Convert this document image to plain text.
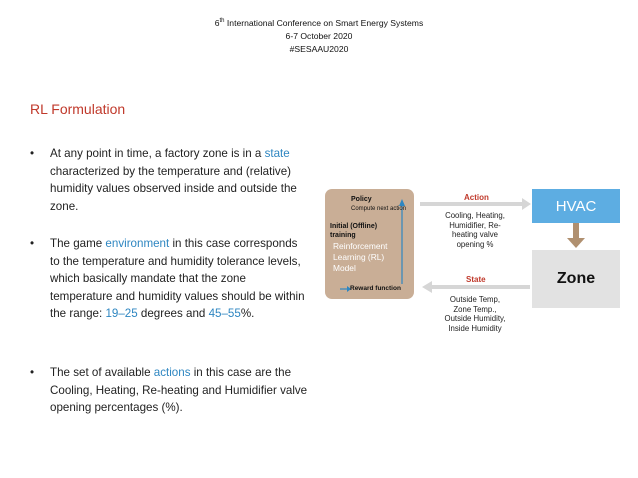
6th International Conference on Smart Energy Systems
6-7 October 2020
#SESAAU2020
RL Formulation
• At any point in time, a factory zone is in a state characterized by the temperature and (relative) humidity values observed inside and outside the zone.
• The game environment in this case corresponds to the temperature and humidity tolerance levels, which basically mandate that the zone temperature and humidity values should be within the range: 19–25 degrees and 45–55%.
• The set of available actions in this case are the Cooling, Heating, Re-heating and Humidifier valve opening percentages (%).
Policy
Compute next action
Initial (Offline)
training
Reinforcement
Learning (RL)
Model
Reward function
Action
Cooling, Heating,
Humidifier, Re-
heating valve
opening %
State
Outside Temp,
Zone Temp.,
Outside Humidity,
Inside Humidity
HVAC
Zone
